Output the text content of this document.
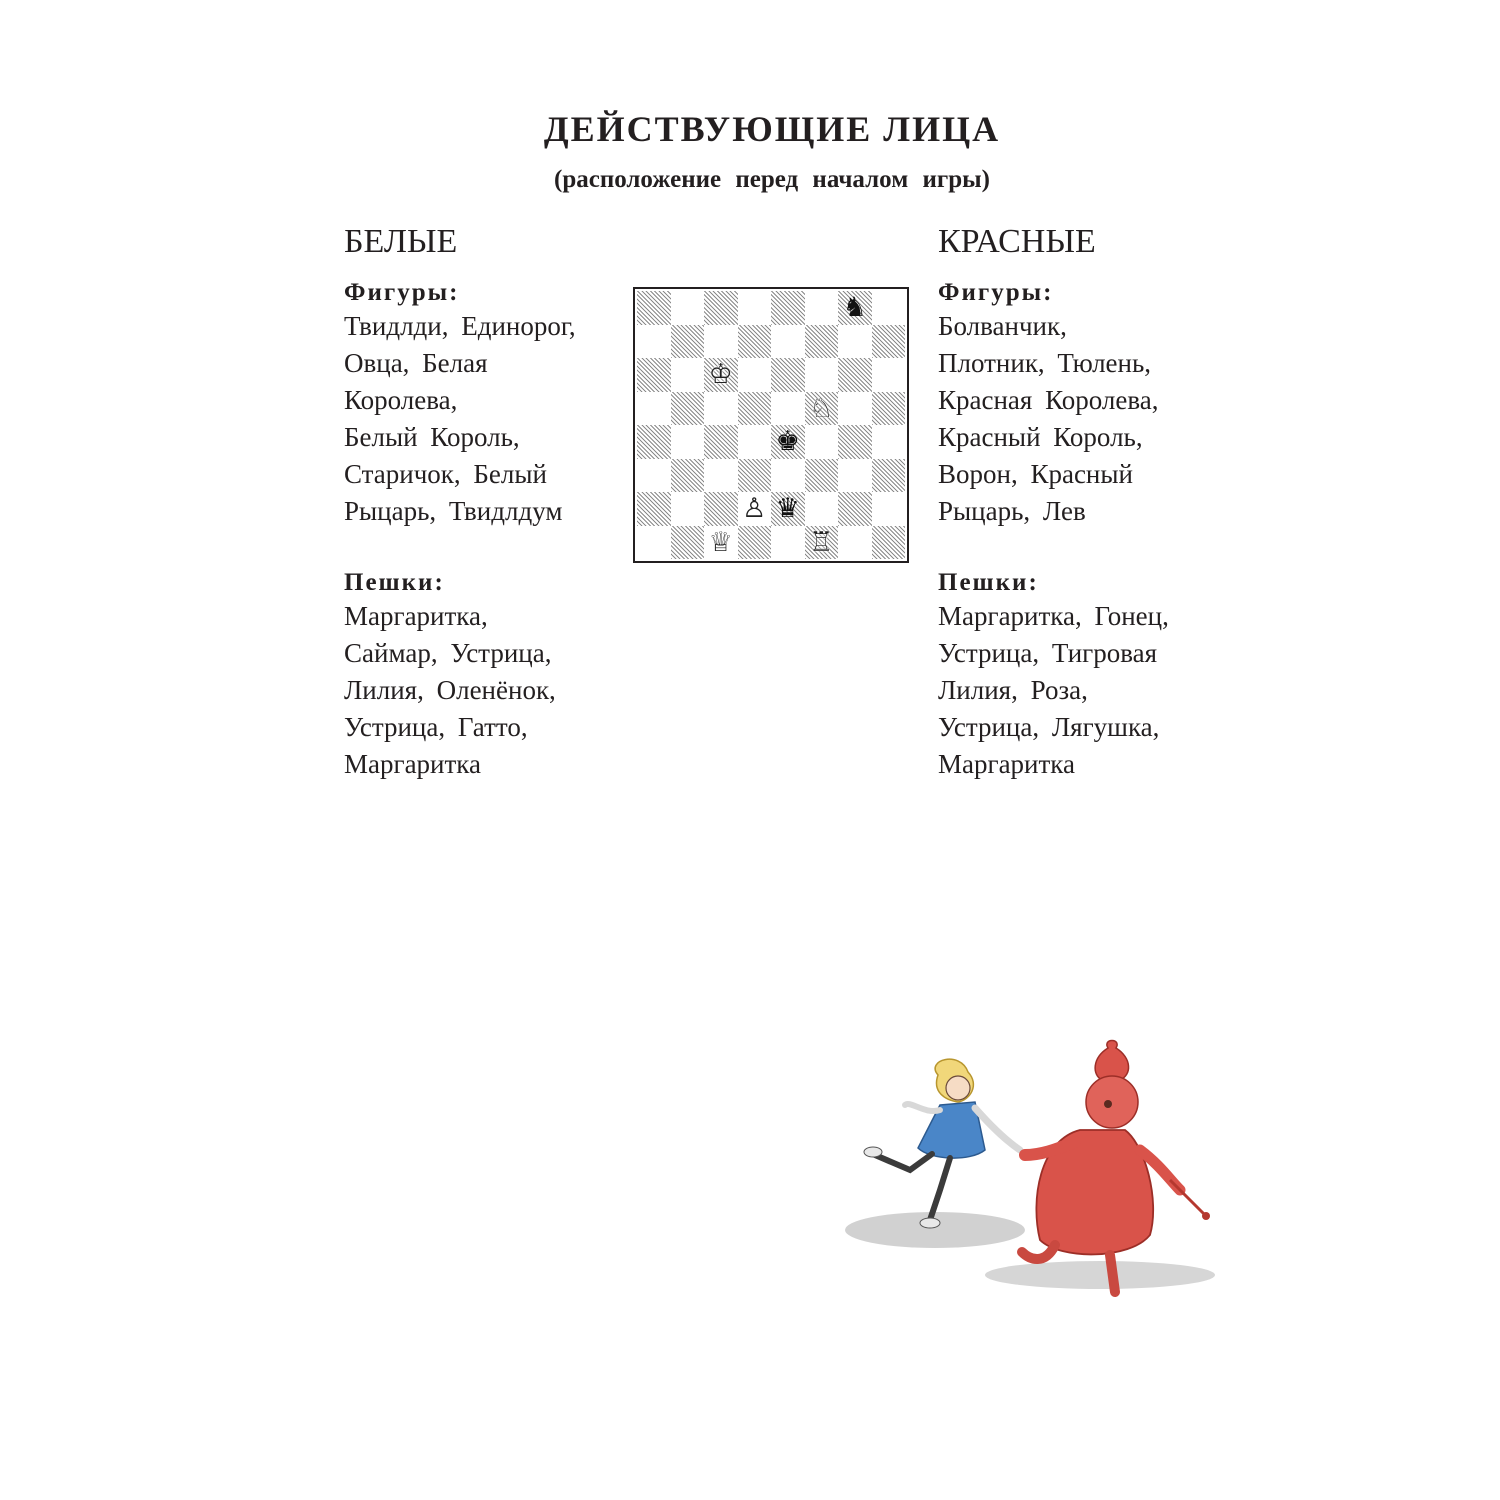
ДЕЙСТВУЮЩИЕ ЛИЦА

(расположение перед началом игры)

БЕЛЫЕ

Фигуры:

Твидлди, Единорог,

Овца, Белая

Королева,

Белый Король,

Старичок, Белый

Рыцарь, Твидлдум

Пешки:

Маргаритка,

Саймар, Устрица,

Лилия, Оленёнок,

Устрица, Гатто,

Маргаритка

КРАСНЫЕ

Фигуры:

Болванчик,

Плотник, Тюлень,

Красная Королева,

Красный Король,

Ворон, Красный

Рыцарь, Лев

Пешки:

Маргаритка, Гонец,

Устрица, Тигровая

Лилия, Роза,

Устрица, Лягушка,

Маргаритка

♞
♔
♘
♚
♙ ♛
♕	♖
